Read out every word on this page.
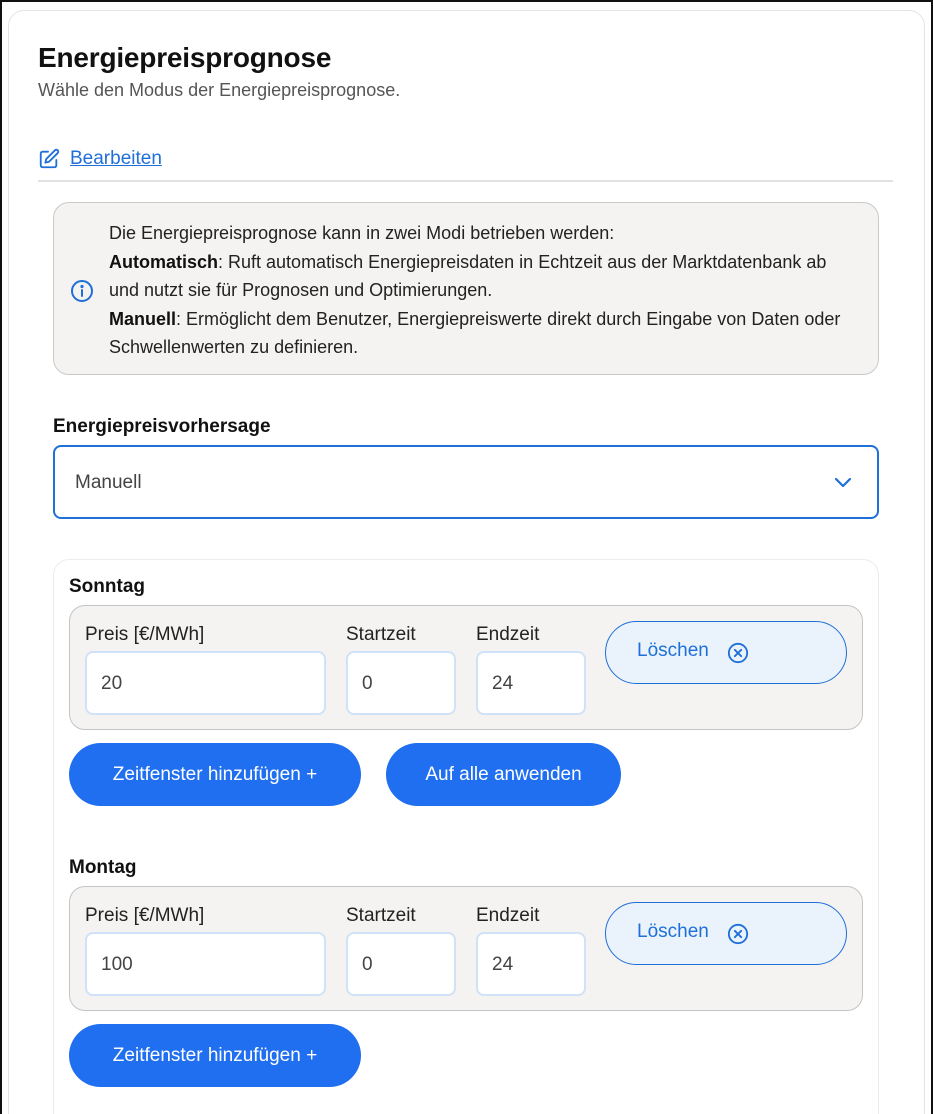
Energiepreisprognose
Wähle den Modus der Energiepreisprognose.
Bearbeiten
Die Energiepreisprognose kann in zwei Modi betrieben werden:
Automatisch: Ruft automatisch Energiepreisdaten in Echtzeit aus der Marktdatenbank ab und nutzt sie für Prognosen und Optimierungen.
Manuell: Ermöglicht dem Benutzer, Energiepreiswerte direkt durch Eingabe von Daten oder Schwellenwerten zu definieren.
Energiepreisvorhersage
Manuell
Sonntag
Preis [€/MWh]	Startzeit	Endzeit
20	0	24
Löschen
Zeitfenster hinzufügen +	Auf alle anwenden
Montag
Preis [€/MWh]	Startzeit	Endzeit
100	0	24
Löschen
Zeitfenster hinzufügen +
